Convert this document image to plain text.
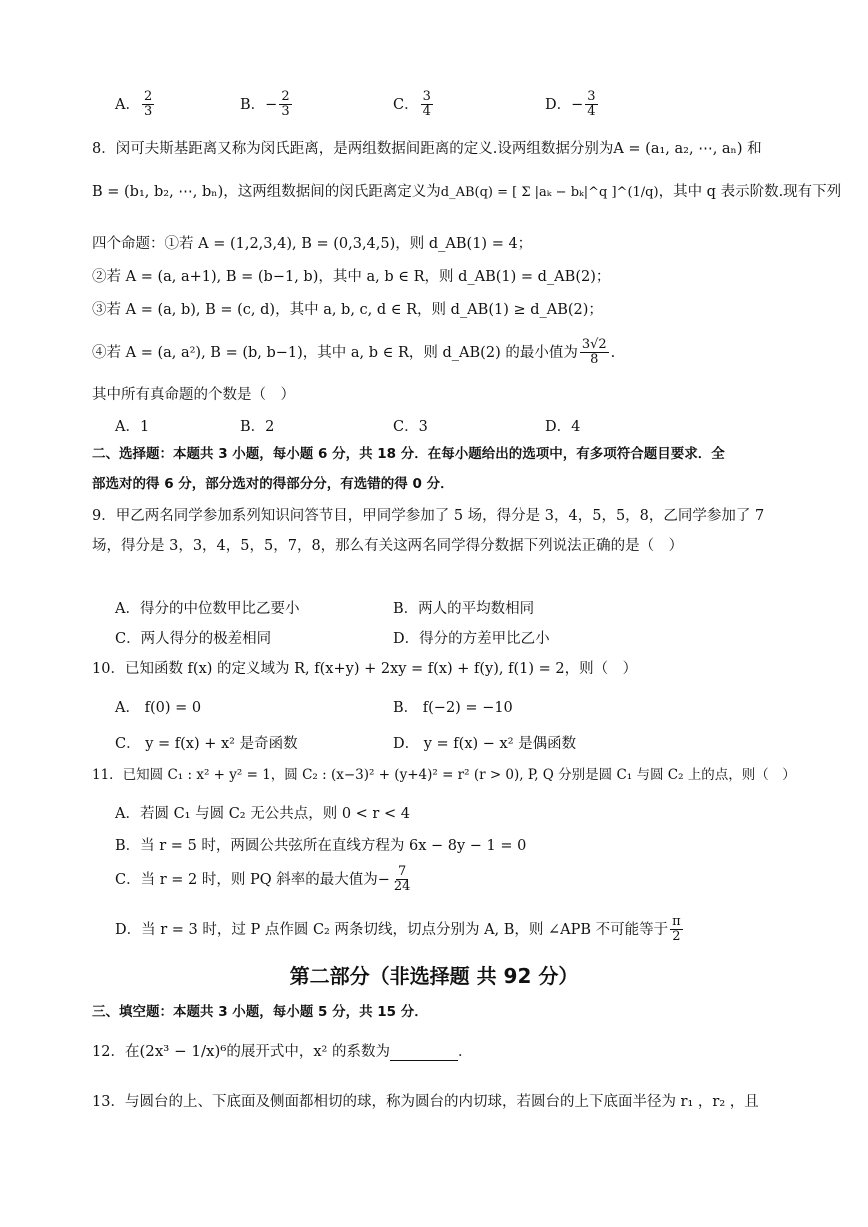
A． $\frac{2}{3}$	B．− $\frac{2}{3}$	C． $\frac{3}{4}$	D．− $\frac{3}{4}$
8．闵可夫斯基距离又称为闵氏距离，是两组数据间距离的定义.设两组数据分别为A = (a₁, a₂, ⋯, aₙ) 和
B = (b₁, b₂, ⋯, bₙ)，这两组数据间的闵氏距离定义为d_AB(q) = [ Σ |aₖ − bₖ|^q ]^(1/q)，其中 q 表示阶数.现有下列
四个命题：①若 A = (1,2,3,4), B = (0,3,4,5)，则 d_AB(1) = 4；
②若 A = (a, a+1), B = (b−1, b)，其中 a, b ∈ R，则 d_AB(1) = d_AB(2)；
③若 A = (a, b), B = (c, d)，其中 a, b, c, d ∈ R，则 d_AB(1) ≥ d_AB(2)；
④若 A = (a, a²), B = (b, b−1)，其中 a, b ∈ R，则 d_AB(2) 的最小值为 $\frac{3√2}{8}$ .
其中所有真命题的个数是（　）
A．1	B．2	C．3	D．4
二、选择题：本题共 3 小题，每小题 6 分，共 18 分．在每小题给出的选项中，有多项符合题目要求．全
部选对的得 6 分，部分选对的得部分分，有选错的得 0 分．
9．甲乙两名同学参加系列知识问答节目，甲同学参加了 5 场，得分是 3，4，5，5，8，乙同学参加了 7
场，得分是 3，3，4，5，5，7，8，那么有关这两名同学得分数据下列说法正确的是（　）
A．得分的中位数甲比乙要小	B．两人的平均数相同
C．两人得分的极差相同	D．得分的方差甲比乙小
10．已知函数 f(x) 的定义域为 R, f(x+y) + 2xy = f(x) + f(y), f(1) = 2，则（　）
A． f(0) = 0	B． f(−2) = −10
C． y = f(x) + x² 是奇函数	D． y = f(x) − x² 是偶函数
11．已知圆 C₁ : x² + y² = 1，圆 C₂ : (x−3)² + (y+4)² = r² (r > 0), P, Q 分别是圆 C₁ 与圆 C₂ 上的点，则（　）
A．若圆 C₁ 与圆 C₂ 无公共点，则 0 < r < 4
B．当 r = 5 时，两圆公共弦所在直线方程为 6x − 8y − 1 = 0
C．当 r = 2 时，则 PQ 斜率的最大值为− $\frac{7}{24}$
D．当 r = 3 时，过 P 点作圆 C₂ 两条切线，切点分别为 A, B，则 ∠APB 不可能等于 $\frac{\pi}{2}$
第二部分（非选择题 共 92 分）
三、填空题：本题共 3 小题，每小题 5 分，共 15 分．
12．在(2x³ − 1/x)⁶的展开式中，x² 的系数为	．
13．与圆台的上、下底面及侧面都相切的球，称为圆台的内切球，若圆台的上下底面半径为 r₁ ，r₂ ，且
